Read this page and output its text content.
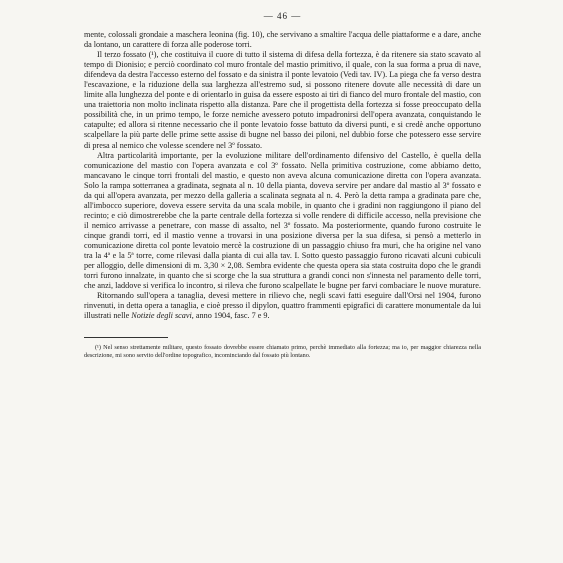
— 46 —

mente, colossali grondaie a maschera leonina (fig. 10), che servivano a smaltire l'acqua delle piattaforme e a dare, anche da lontano, un carattere di forza alle poderose torri.

Il terzo fossato (¹), che costituiva il cuore di tutto il sistema di difesa della fortezza, è da ritenere sia stato scavato al tempo di Dionisio; e perciò coordinato col muro frontale del mastio primitivo, il quale, con la sua forma a prua di nave, difendeva da destra l'accesso esterno del fossato e da sinistra il ponte levatoio (Vedi tav. IV). La piega che fa verso destra l'escavazione, e la riduzione della sua larghezza all'estremo sud, si possono ritenere dovute alle necessità di dare un limite alla lunghezza del ponte e di orientarlo in guisa da essere esposto ai tiri di fianco del muro frontale del mastio, con una traiettoria non molto inclinata rispetto alla distanza. Pare che il progettista della fortezza si fosse preoccupato della possibilità che, in un primo tempo, le forze nemiche avessero potuto impadronirsi dell'opera avanzata, conquistando le catapulte; ed allora si ritenne necessario che il ponte levatoio fosse battuto da diversi punti, e si credè anche opportuno scalpellare la più parte delle prime sette assise di bugne nel basso dei piloni, nel dubbio forse che potessero esse servire di presa al nemico che volesse scendere nel 3º fossato.

Altra particolarità importante, per la evoluzione militare dell'ordinamento difensivo del Castello, è quella della comunicazione del mastio con l'opera avanzata e col 3º fossato. Nella primitiva costruzione, come abbiamo detto, mancavano le cinque torri frontali del mastio, e questo non aveva alcuna comunicazione diretta con l'opera avanzata. Solo la rampa sotterranea a gradinata, segnata al n. 10 della pianta, doveva servire per andare dal mastio al 3º fossato e da qui all'opera avanzata, per mezzo della galleria a scalinata segnata al n. 4. Però la detta rampa a gradinata pare che, all'imbocco superiore, doveva essere servita da una scala mobile, in quanto che i gradini non raggiungono il piano del recinto; e ciò dimostrerebbe che la parte centrale della fortezza si volle rendere di difficile accesso, nella previsione che il nemico arrivasse a penetrare, con masse di assalto, nel 3º fossato. Ma posteriormente, quando furono costruite le cinque grandi torri, ed il mastio venne a trovarsi in una posizione diversa per la sua difesa, si pensò a metterlo in comunicazione diretta col ponte levatoio mercè la costruzione di un passaggio chiuso fra muri, che ha origine nel vano tra la 4ª e la 5ª torre, come rilevasi dalla pianta di cui alla tav. I. Sotto questo passaggio furono ricavati alcuni cubiculi per alloggio, delle dimensioni di m. 3,30 × 2,08. Sembra evidente che questa opera sia stata costruita dopo che le grandi torri furono innalzate, in quanto che si scorge che la sua struttura a grandi conci non s'innesta nel paramento delle torri, che anzi, laddove si verifica lo incontro, si rileva che furono scalpellate le bugne per farvi combaciare le nuove murature.

Ritornando sull'opera a tanaglia, devesi mettere in rilievo che, negli scavi fatti eseguire dall'Orsi nel 1904, furono rinvenuti, in detta opera a tanaglia, e cioè presso il dipylon, quattro frammenti epigrafici di carattere monumentale da lui illustrati nelle Notizie degli scavi, anno 1904, fasc. 7 e 9.

(¹) Nel senso strettamente militare, questo fossato dovrebbe essere chiamato primo, perchè immediato alla fortezza; ma io, per maggior chiarezza nella descrizione, mi sono servito dell'ordine topografico, incominciando dal fossato più lontano.
